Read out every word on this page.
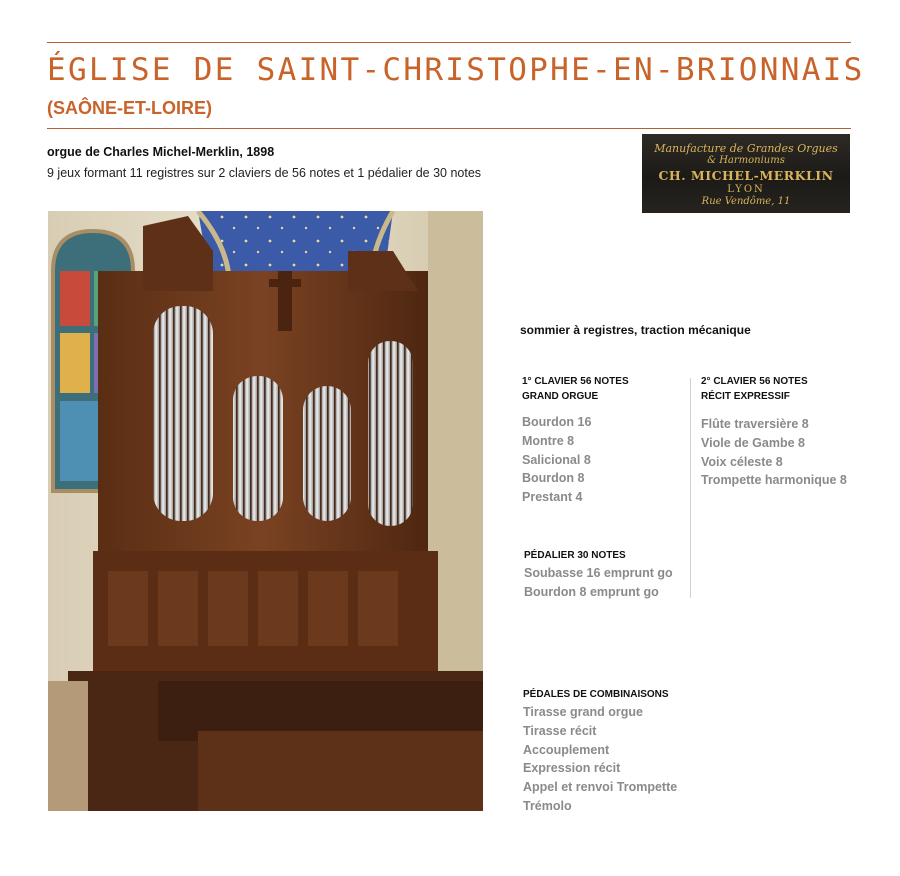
ÉGLISE DE SAINT-CHRISTOPHE-EN-BRIONNAIS
(SAÔNE-ET-LOIRE)
orgue de Charles Michel-Merklin, 1898
9 jeux formant 11 registres sur 2 claviers de 56 notes et 1 pédalier de 30 notes
Manufacture de Grandes Orgues
& Harmoniums
CH. MICHEL-MERKLIN
LYON
Rue Vendôme, 11
sommier à registres, traction mécanique
1° CLAVIER 56 NOTES
GRAND ORGUE
Bourdon 16
Montre 8
Salicional 8
Bourdon 8
Prestant 4
2° CLAVIER 56 NOTES
RÉCIT EXPRESSIF
Flûte traversière 8
Viole de Gambe 8
Voix céleste 8
Trompette harmonique 8
PÉDALIER 30 NOTES
Soubasse 16 emprunt go
Bourdon 8 emprunt go
PÉDALES DE COMBINAISONS
Tirasse grand orgue
Tirasse récit
Accouplement
Expression récit
Appel et renvoi Trompette
Trémolo
